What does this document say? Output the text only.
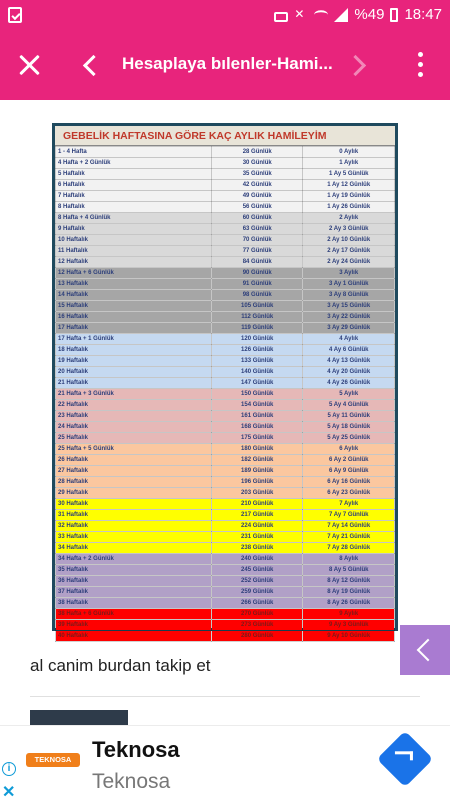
✕
%49 18:47
Hesaplaya bılenler-Hami...
GEBELİK HAFTASINA GÖRE KAÇ AYLIK HAMİLEYİM
1 - 4 Hafta	28 Günlük	0 Aylık
4 Hafta + 2 Günlük	30 Günlük	1 Aylık
5 Haftalık	35 Günlük	1 Ay 5 Günlük
6 Haftalık	42 Günlük	1 Ay 12 Günlük
7 Haftalık	49 Günlük	1 Ay 19 Günlük
8 Haftalık	56 Günlük	1 Ay 26 Günlük
8 Hafta + 4 Günlük	60 Günlük	2 Aylık
9 Haftalık	63 Günlük	2 Ay 3 Günlük
10 Haftalık	70 Günlük	2 Ay 10 Günlük
11 Haftalık	77 Günlük	2 Ay 17 Günlük
12 Haftalık	84 Günlük	2 Ay 24 Günlük
12 Hafta + 6 Günlük	90 Günlük	3 Aylık
13 Haftalık	91 Günlük	3 Ay 1 Günlük
14 Haftalık	98 Günlük	3 Ay 8 Günlük
15 Haftalık	105 Günlük	3 Ay 15 Günlük
16 Haftalık	112 Günlük	3 Ay 22 Günlük
17 Haftalık	119 Günlük	3 Ay 29 Günlük
17 Hafta + 1 Günlük	120 Günlük	4 Aylık
18 Haftalık	126 Günlük	4 Ay 6 Günlük
19 Haftalık	133 Günlük	4 Ay 13 Günlük
20 Haftalık	140 Günlük	4 Ay 20 Günlük
21 Haftalık	147 Günlük	4 Ay 26 Günlük
21 Hafta + 3 Günlük	150 Günlük	5 Aylık
22 Haftalık	154 Günlük	5 Ay 4 Günlük
23 Haftalık	161 Günlük	5 Ay 11 Günlük
24 Haftalık	168 Günlük	5 Ay 18 Günlük
25 Haftalık	175 Günlük	5 Ay 25 Günlük
25 Hafta + 5 Günlük	180 Günlük	6 Aylık
26 Haftalık	182 Günlük	6 Ay 2 Günlük
27 Haftalık	189 Günlük	6 Ay 9 Günlük
28 Haftalık	196 Günlük	6 Ay 16 Günlük
29 Haftalık	203 Günlük	6 Ay 23 Günlük
30 Haftalık	210 Günlük	7 Aylık
31 Haftalık	217 Günlük	7 Ay 7 Günlük
32 Haftalık	224 Günlük	7 Ay 14 Günlük
33 Haftalık	231 Günlük	7 Ay 21 Günlük
34 Haftalık	238 Günlük	7 Ay 28 Günlük
34 Hafta + 2 Günlük	240 Günlük	8 Aylık
35 Haftalık	245 Günlük	8 Ay 5 Günlük
36 Haftalık	252 Günlük	8 Ay 12 Günlük
37 Haftalık	259 Günlük	8 Ay 19 Günlük
38 Haftalık	266 Günlük	8 Ay 26 Günlük
38 Hafta + 6 Günlük	270 Günlük	9 Aylık
39 Haftalık	273 Günlük	9 Ay 3 Günlük
40 Haftalık	280 Günlük	9 Ay 10 Günlük
al canim burdan takip et
i
✕
TEKNOSA Teknosa
Teknosa
